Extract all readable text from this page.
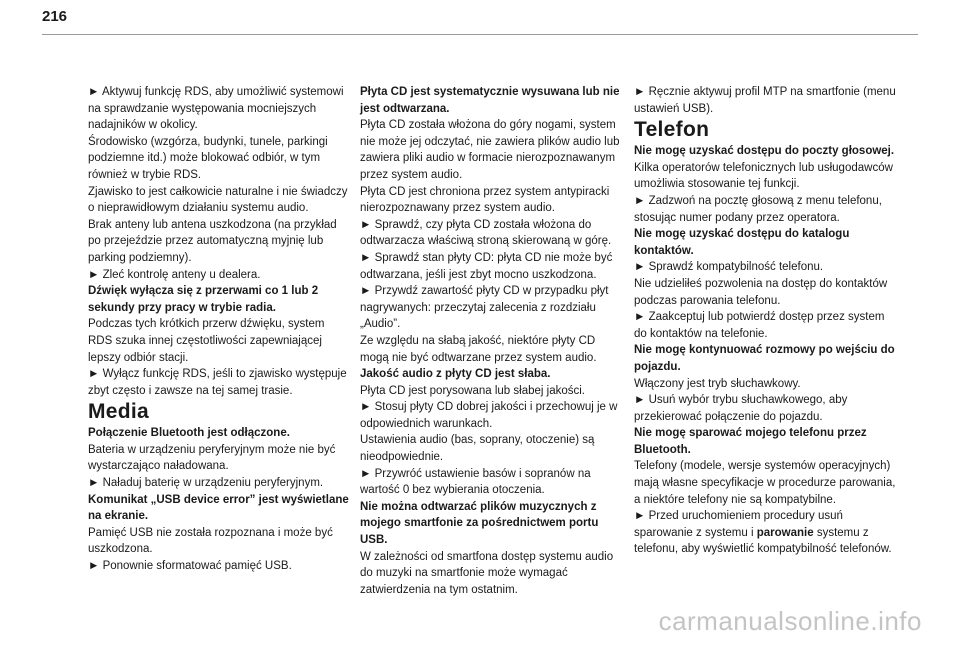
216

► Aktywuj funkcję RDS, aby umożliwić systemowi na sprawdzanie występowania mocniejszych nadajników w okolicy.

Środowisko (wzgórza, budynki, tunele, parkingi podziemne itd.) może blokować odbiór, w tym również w trybie RDS.

Zjawisko to jest całkowicie naturalne i nie świadczy o nieprawidłowym działaniu systemu audio.

Brak anteny lub antena uszkodzona (na przykład po przejeździe przez automatyczną myjnię lub parking podziemny).

► Zleć kontrolę anteny u dealera.

Dźwięk wyłącza się z przerwami co 1 lub 2 sekundy przy pracy w trybie radia.

Podczas tych krótkich przerw dźwięku, system RDS szuka innej częstotliwości zapewniającej lepszy odbiór stacji.

► Wyłącz funkcję RDS, jeśli to zjawisko występuje zbyt często i zawsze na tej samej trasie.

Media

Połączenie Bluetooth jest odłączone.

Bateria w urządzeniu peryferyjnym może nie być wystarczająco naładowana.

► Naładuj baterię w urządzeniu peryferyjnym.

Komunikat „USB device error” jest wyświetlane na ekranie.

Pamięć USB nie została rozpoznana i może być uszkodzona.

► Ponownie sformatować pamięć USB.

Płyta CD jest systematycznie wysuwana lub nie jest odtwarzana.

Płyta CD została włożona do góry nogami, system nie może jej odczytać, nie zawiera plików audio lub zawiera pliki audio w formacie nierozpoznawanym przez system audio.

Płyta CD jest chroniona przez system antypiracki nierozpoznawany przez system audio.

► Sprawdź, czy płyta CD została włożona do odtwarzacza właściwą stroną skierowaną w górę.

► Sprawdź stan płyty CD: płyta CD nie może być odtwarzana, jeśli jest zbyt mocno uszkodzona.

► Przywdź zawartość płyty CD w przypadku płyt nagrywanych: przeczytaj zalecenia z rozdziału „Audio”.

Ze względu na słabą jakość, niektóre płyty CD mogą nie być odtwarzane przez system audio.

Jakość audio z płyty CD jest słaba.

Płyta CD jest porysowana lub słabej jakości.

► Stosuj płyty CD dobrej jakości i przechowuj je w odpowiednich warunkach.

Ustawienia audio (bas, soprany, otoczenie) są nieodpowiednie.

► Przywróć ustawienie basów i sopranów na wartość 0 bez wybierania otoczenia.

Nie można odtwarzać plików muzycznych z mojego smartfonie za pośrednictwem portu USB.

W zależności od smartfona dostęp systemu audio do muzyki na smartfonie może wymagać zatwierdzenia na tym ostatnim.

► Ręcznie aktywuj profil MTP na smartfonie (menu ustawień USB).

Telefon

Nie mogę uzyskać dostępu do poczty głosowej.

Kilka operatorów telefonicznych lub usługodawców umożliwia stosowanie tej funkcji.

► Zadzwoń na pocztę głosową z menu telefonu, stosując numer podany przez operatora.

Nie mogę uzyskać dostępu do katalogu kontaktów.

► Sprawdź kompatybilność telefonu.

Nie udzieliłeś pozwolenia na dostęp do kontaktów podczas parowania telefonu.

► Zaakceptuj lub potwierdź dostęp przez system do kontaktów na telefonie.

Nie mogę kontynuować rozmowy po wejściu do pojazdu.

Włączony jest tryb słuchawkowy.

► Usuń wybór trybu słuchawkowego, aby przekierować połączenie do pojazdu.

Nie mogę sparować mojego telefonu przez Bluetooth.

Telefony (modele, wersje systemów operacyjnych) mają własne specyfikacje w procedurze parowania, a niektóre telefony nie są kompatybilne.

► Przed uruchomieniem procedury usuń sparowanie z systemu i parowanie systemu z telefonu, aby wyświetlić kompatybilność telefonów.

carmanualsonline.info
